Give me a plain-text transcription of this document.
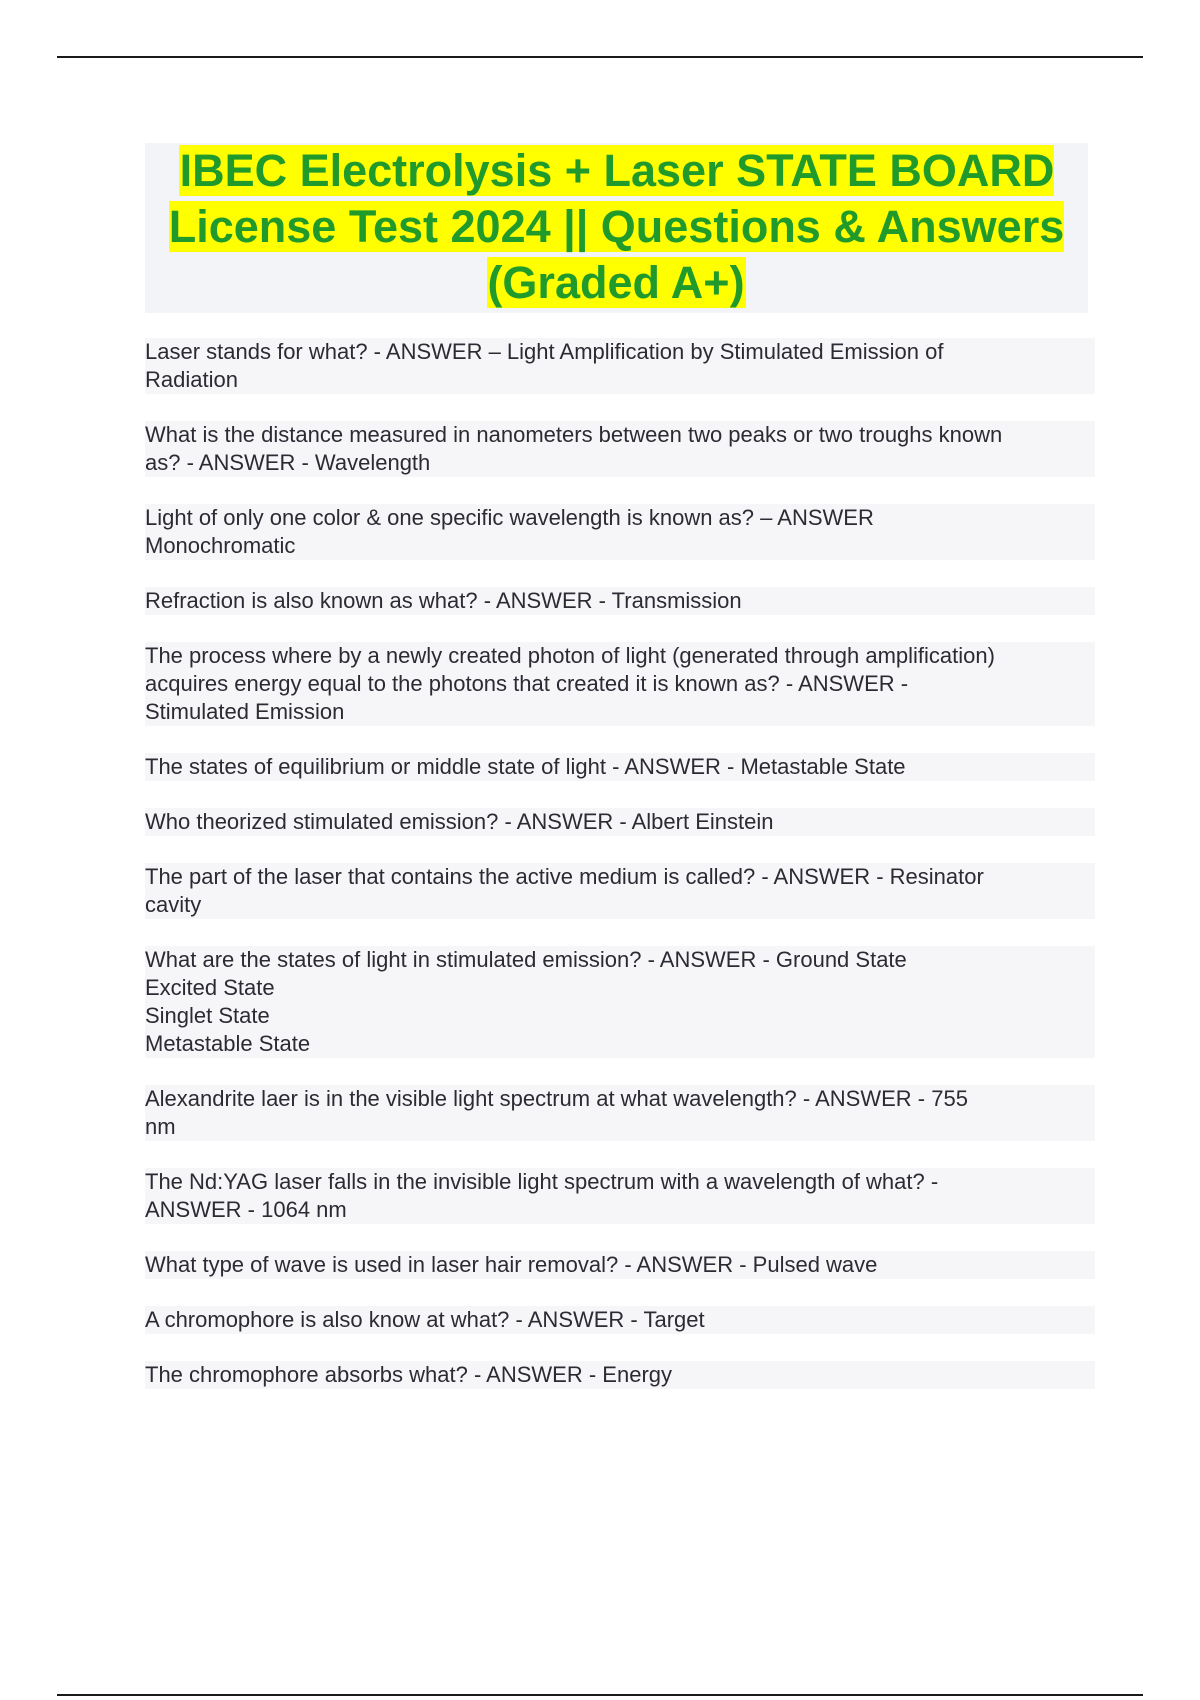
IBEC Electrolysis + Laser STATE BOARD License Test 2024 || Questions & Answers (Graded A+)

Laser stands for what? - ANSWER – Light Amplification by Stimulated Emission of
Radiation

What is the distance measured in nanometers between two peaks or two troughs known
as? - ANSWER - Wavelength

Light of only one color & one specific wavelength is known as? – ANSWER
Monochromatic

Refraction is also known as what? - ANSWER - Transmission

The process where by a newly created photon of light (generated through amplification)
acquires energy equal to the photons that created it is known as? - ANSWER -
Stimulated Emission

The states of equilibrium or middle state of light - ANSWER - Metastable State

Who theorized stimulated emission? - ANSWER - Albert Einstein

The part of the laser that contains the active medium is called? - ANSWER - Resinator
cavity

What are the states of light in stimulated emission? - ANSWER - Ground State
Excited State
Singlet State
Metastable State

Alexandrite laer is in the visible light spectrum at what wavelength? - ANSWER - 755
nm

The Nd:YAG laser falls in the invisible light spectrum with a wavelength of what? -
ANSWER - 1064 nm

What type of wave is used in laser hair removal? - ANSWER - Pulsed wave

A chromophore is also know at what? - ANSWER - Target

The chromophore absorbs what? - ANSWER - Energy
